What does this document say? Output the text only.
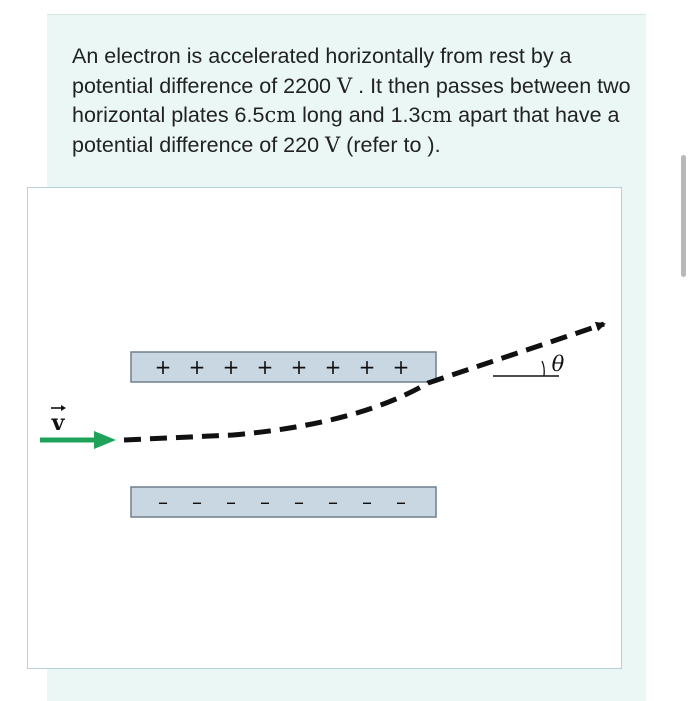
An electron is accelerated horizontally from rest by a potential difference of 2200 V . It then passes between two horizontal plates 6.5cm long and 1.3cm apart that have a potential difference of 220 V (refer to ).
+ + + + + + + +
– – – – – – – –
v
θ
